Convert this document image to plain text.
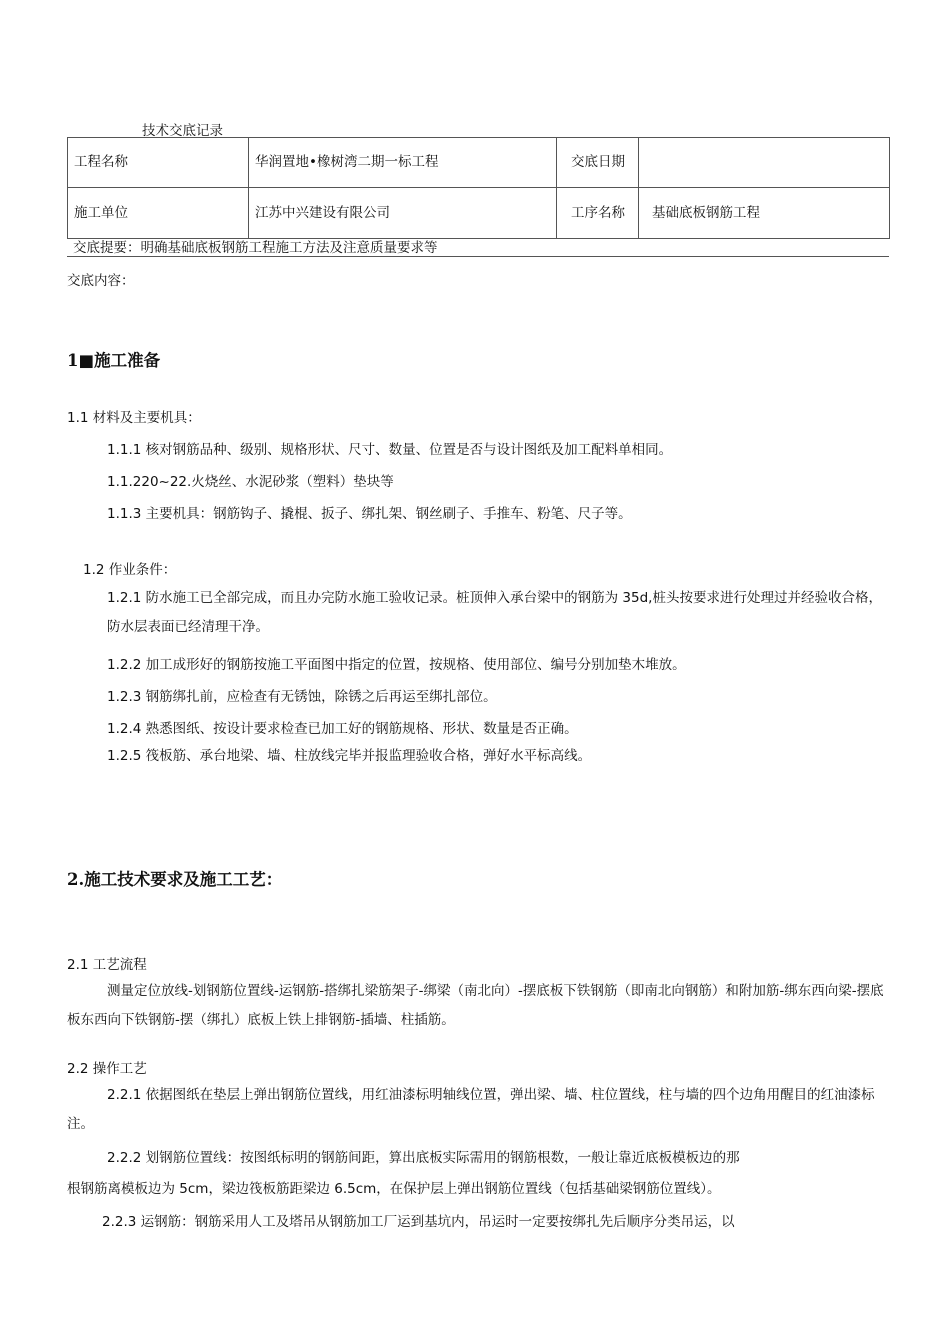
技术交底记录
工程名称	华润置地•橡树湾二期一标工程	交底日期	
施工单位	江苏中兴建设有限公司	工序名称	基础底板钢筋工程
交底提要：明确基础底板钢筋工程施工方法及注意质量要求等
交底内容：
1■施工准备
1.1 材料及主要机具：
1.1.1 核对钢筋品种、级别、规格形状、尺寸、数量、位置是否与设计图纸及加工配料单相同。
1.1.220~22.火烧丝、水泥砂浆（塑料）垫块等
1.1.3 主要机具：钢筋钩子、撬棍、扳子、绑扎架、钢丝刷子、手推车、粉笔、尺子等。
1.2 作业条件：
1.2.1 防水施工已全部完成，而且办完防水施工验收记录。桩顶伸入承台梁中的钢筋为 35d,桩头按要求进行处理过并经验收合格，防水层表面已经清理干净。
1.2.2 加工成形好的钢筋按施工平面图中指定的位置，按规格、使用部位、编号分别加垫木堆放。
1.2.3 钢筋绑扎前，应检查有无锈蚀，除锈之后再运至绑扎部位。
1.2.4 熟悉图纸、按设计要求检查已加工好的钢筋规格、形状、数量是否正确。
1.2.5 筏板筋、承台地梁、墙、柱放线完毕并报监理验收合格，弹好水平标高线。
2.施工技术要求及施工工艺：
2.1 工艺流程
测量定位放线-划钢筋位置线-运钢筋-搭绑扎梁筋架子-绑梁（南北向）-摆底板下铁钢筋（即南北向钢筋）和附加筋-绑东西向梁-摆底板东西向下铁钢筋-摆（绑扎）底板上铁上排钢筋-插墙、柱插筋。
2.2 操作工艺
2.2.1 依据图纸在垫层上弹出钢筋位置线，用红油漆标明轴线位置，弹出梁、墙、柱位置线，柱与墙的四个边角用醒目的红油漆标注。
2.2.2 划钢筋位置线：按图纸标明的钢筋间距，算出底板实际需用的钢筋根数，一般让靠近底板模板边的那
根钢筋离模板边为 5cm，梁边筏板筋距梁边 6.5cm，在保护层上弹出钢筋位置线（包括基础梁钢筋位置线）。
2.2.3 运钢筋：钢筋采用人工及塔吊从钢筋加工厂运到基坑内，吊运时一定要按绑扎先后顺序分类吊运，以
